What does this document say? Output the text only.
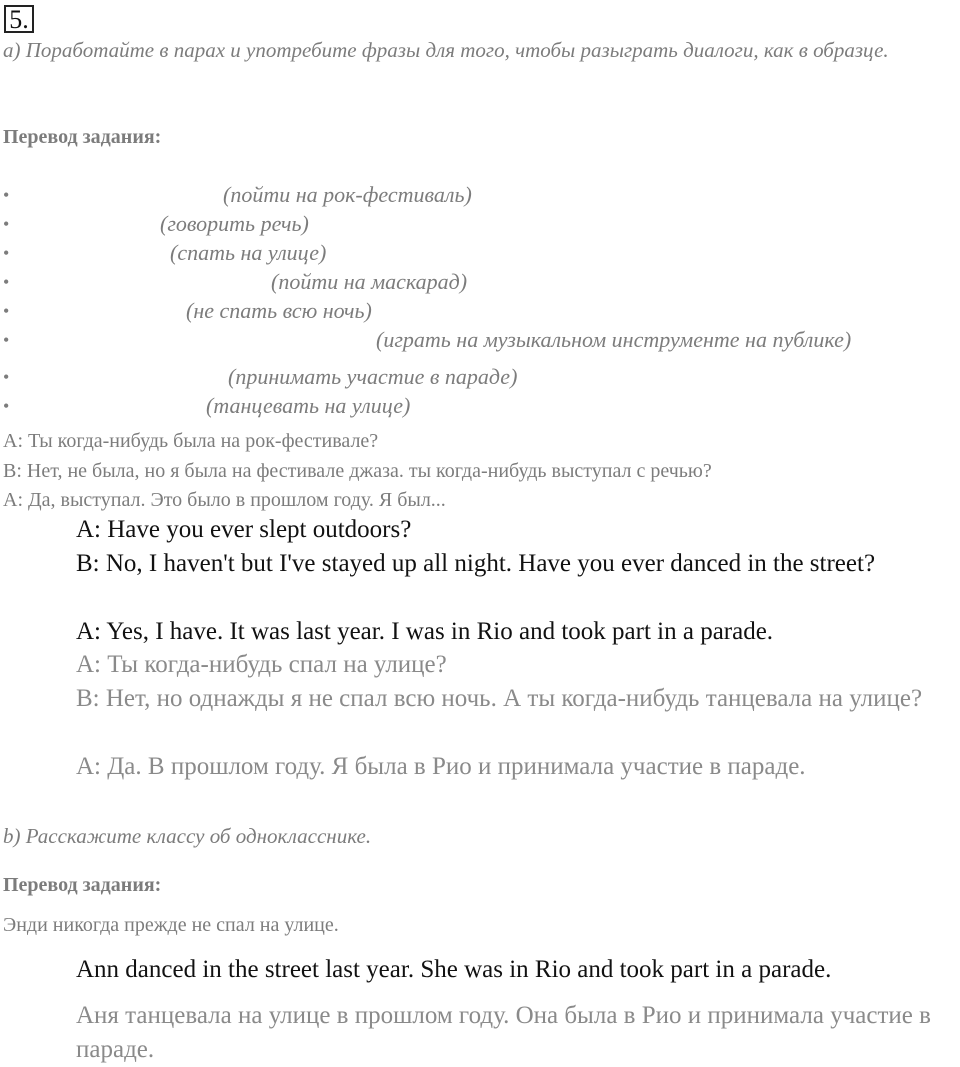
5.
a) Поработайте в парах и употребите фразы для того, чтобы разыграть диалоги, как в образце.
Перевод задания:
•	(пойти на рок-фестиваль)
•	(говорить речь)
•	(спать на улице)
•	(пойти на маскарад)
•	(не спать всю ночь)
•	(играть на музыкальном инструменте на публике)
•	(принимать участие в параде)
•	(танцевать на улице)
А: Ты когда-нибудь была на рок-фестивале?
В: Нет, не была, но я была на фестивале джаза. ты когда-нибудь выступал с речью?
А: Да, выступал. Это было в прошлом году. Я был...
A: Have you ever slept outdoors?
B: No, I haven't but I've stayed up all night. Have you ever danced in the street?
A: Yes, I have. It was last year. I was in Rio and took part in a parade.
А: Ты когда-нибудь спал на улице?
В: Нет, но однажды я не спал всю ночь. А ты когда-нибудь танцевала на улице?
А: Да. В прошлом году. Я была в Рио и принимала участие в параде.
b) Расскажите классу об однокласснике.
Перевод задания:
Энди никогда прежде не спал на улице.
Ann danced in the street last year. She was in Rio and took part in a parade.
Аня танцевала на улице в прошлом году. Она была в Рио и принимала участие в параде.
